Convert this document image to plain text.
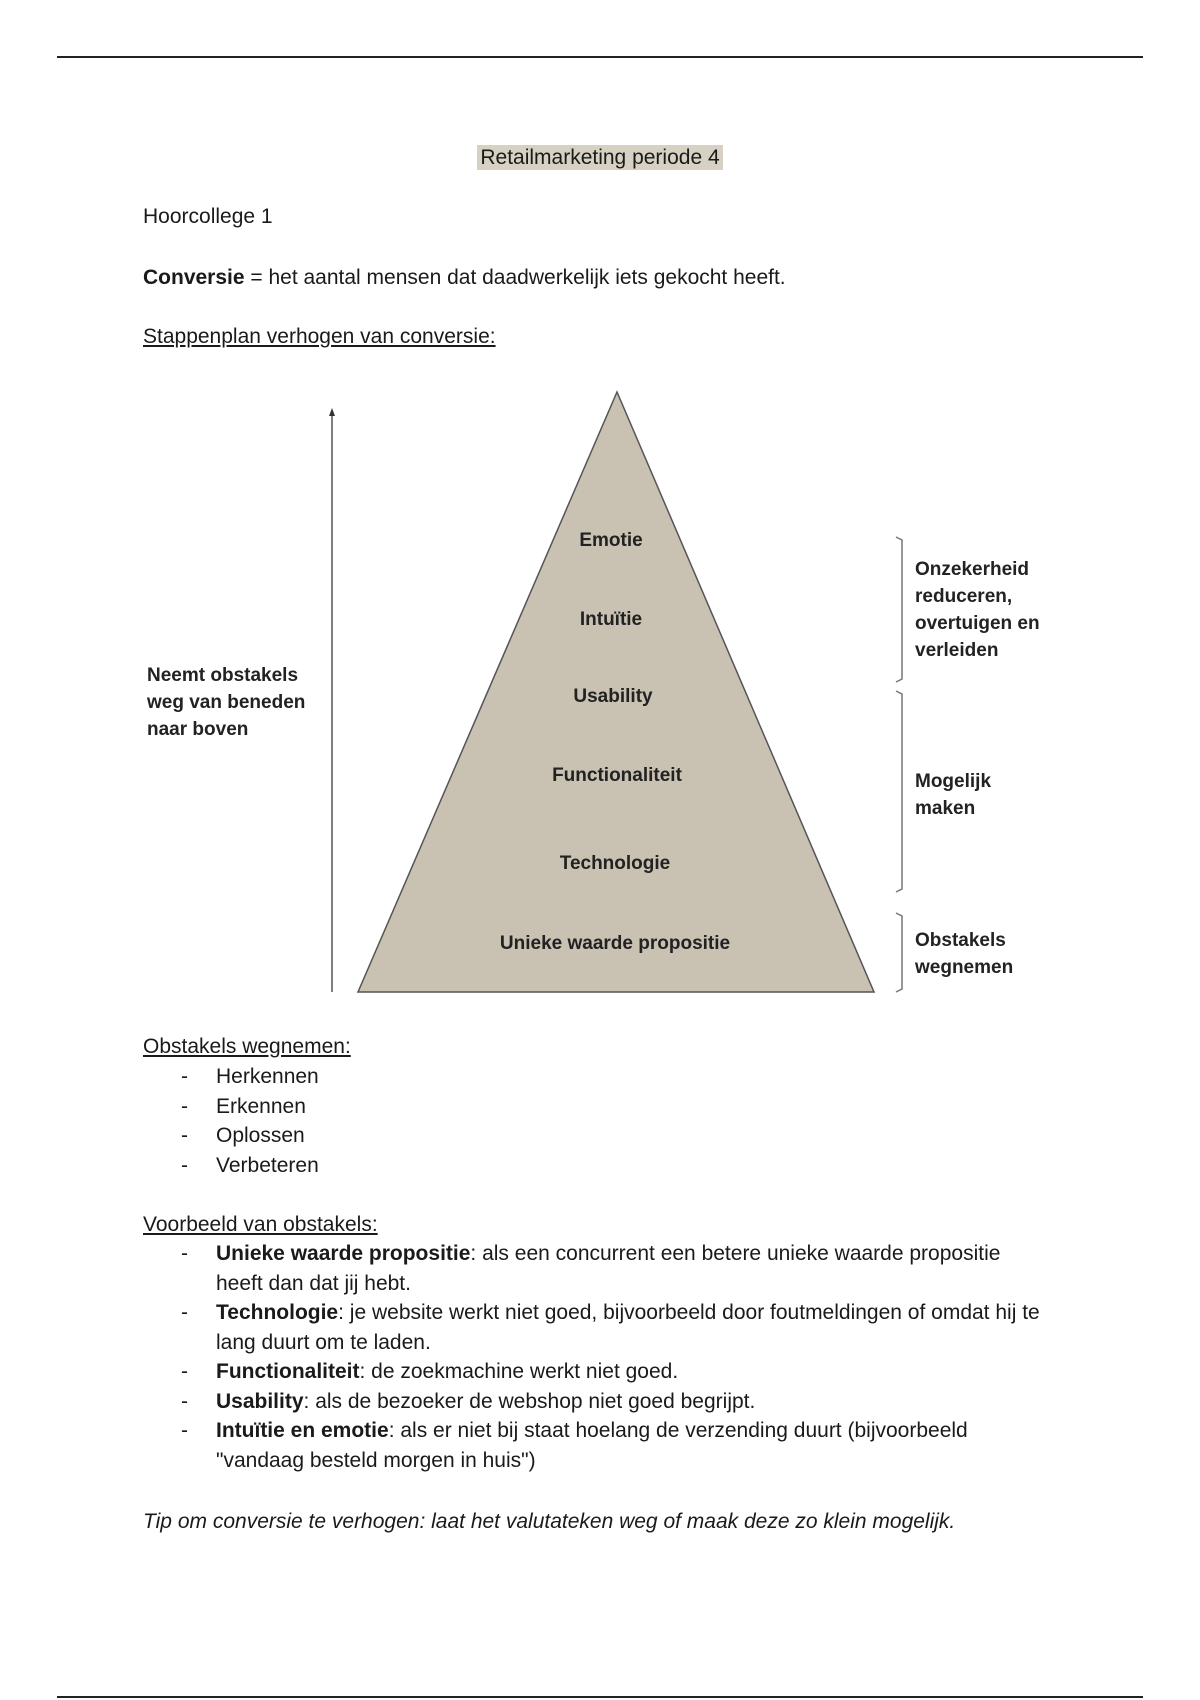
Retailmarketing periode 4
Hoorcollege 1
Conversie = het aantal mensen dat daadwerkelijk iets gekocht heeft.
Stappenplan verhogen van conversie:
Emotie
Intuïtie
Usability
Functionaliteit
Technologie
Unieke waarde propositie
Neemt obstakels
weg van beneden
naar boven
Onzekerheid
reduceren,
overtuigen en
verleiden
Mogelijk
maken
Obstakels
wegnemen
Obstakels wegnemen:
- Herkennen
- Erkennen
- Oplossen
- Verbeteren
Voorbeeld van obstakels:
- Unieke waarde propositie: als een concurrent een betere unieke waarde propositie heeft dan dat jij hebt.
- Technologie: je website werkt niet goed, bijvoorbeeld door foutmeldingen of omdat hij te lang duurt om te laden.
- Functionaliteit: de zoekmachine werkt niet goed.
- Usability: als de bezoeker de webshop niet goed begrijpt.
- Intuïtie en emotie: als er niet bij staat hoelang de verzending duurt (bijvoorbeeld "vandaag besteld morgen in huis")
Tip om conversie te verhogen: laat het valutateken weg of maak deze zo klein mogelijk.
